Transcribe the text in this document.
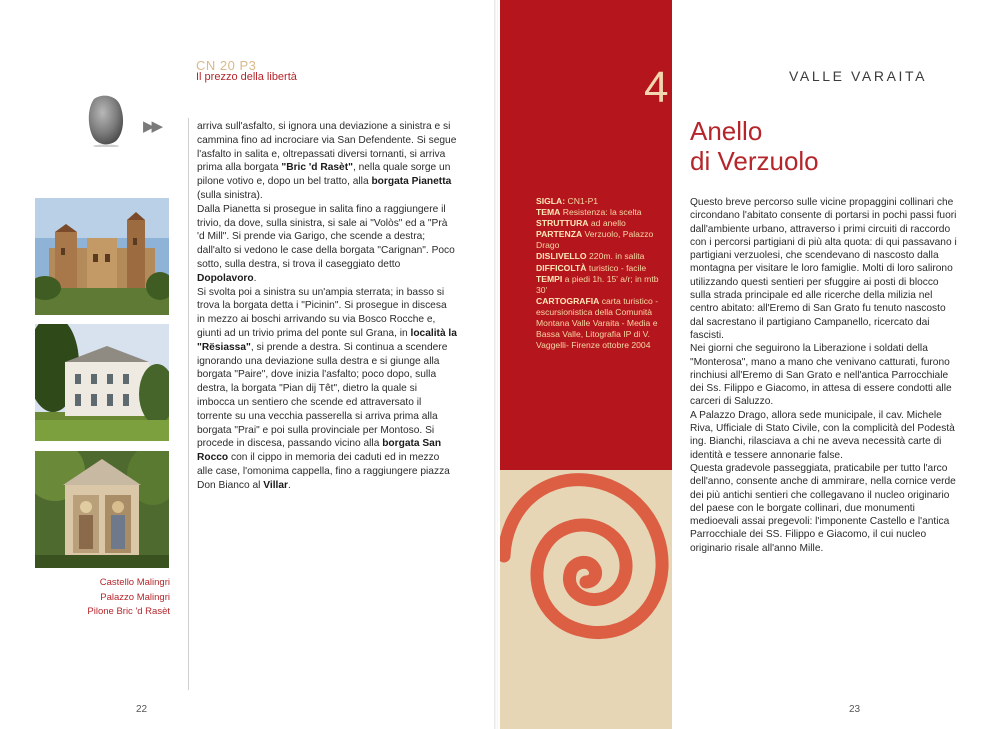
CN 20 P3
Il prezzo della libertà
▶▶
Castello Malingri
Palazzo Malingri
Pilone Bric 'd Rasèt
arriva sull'asfalto, si ignora una deviazione a sinistra e si cammina fino ad incrociare via San Defendente. Si segue l'asfalto in salita e, oltrepassati diversi tornanti, si arriva prima alla borgata "Bric 'd Rasèt", nella quale sorge un pilone votivo e, dopo un bel tratto, alla borgata Pianetta (sulla sinistra).
Dalla Pianetta si prosegue in salita fino a raggiungere il trivio, da dove, sulla sinistra, si sale ai "Volòs" ed a "Prà 'd Mill". Si prende via Garigo, che scende a destra; dall'alto si vedono le case della borgata "Carignan". Poco sotto, sulla destra, si trova il caseggiato detto Dopolavoro.
Si svolta poi a sinistra su un'ampia sterrata; in basso si trova la borgata detta i "Picinin". Si prosegue in discesa in mezzo ai boschi arrivando su via Bosco Rocche e, giunti ad un trivio prima del ponte sul Grana, in località la "Rësiassa", si prende a destra. Si continua a scendere ignorando una deviazione sulla destra e si giunge alla borgata "Paire", dove inizia l'asfalto; poco dopo, sulla destra, la borgata "Pian dij Têt", dietro la quale si imbocca un sentiero che scende ed attraversato il torrente su una vecchia passerella si arriva prima alla borgata "Prai" e poi sulla provinciale per Montoso. Si procede in discesa, passando vicino alla borgata San Rocco con il cippo in memoria dei caduti ed in mezzo alle case, l'omonima cappella, fino a raggiungere piazza Don Bianco al Villar.
22
4
SIGLA: CN1-P1
TEMA Resistenza: la scelta
STRUTTURA ad anello
PARTENZA Verzuolo, Palazzo Drago
DISLIVELLO 220m. in salita
DIFFICOLTÀ turistico - facile
TEMPI a piedi 1h. 15' a/r; in mtb 30'
CARTOGRAFIA carta turistico - escursionistica della Comunità Montana Valle Varaita - Media e Bassa Valle, Litografia IP di V. Vaggelli- Firenze ottobre 2004
VALLE VARAITA
Anello
di Verzuolo
Questo breve percorso sulle vicine propaggini collinari che circondano l'abitato consente di portarsi in pochi passi fuori dall'ambiente urbano, attraverso i primi circuiti di raccordo con i percorsi partigiani di più alta quota: di qui passavano i partigiani verzuolesi, che scendevano di nascosto dalla montagna per visitare le loro famiglie. Molti di loro salirono utilizzando questi sentieri per sfuggire ai posti di blocco sulla strada principale ed alle ricerche della milizia nel centro abitato: all'Eremo di San Grato fu tenuto nascosto dal sacrestano il partigiano Campanello, ricercato dai fascisti.
Nei giorni che seguirono la Liberazione i soldati della "Monterosa", mano a mano che venivano catturati, furono rinchiusi all'Eremo di San Grato e nell'antica Parrocchiale dei Ss. Filippo e Giacomo, in attesa di essere condotti alle carceri di Saluzzo.
A Palazzo Drago, allora sede municipale, il cav. Michele Riva, Ufficiale di Stato Civile, con la complicità del Podestà ing. Bianchi, rilasciava a chi ne aveva necessità carte di identità e tessere annonarie false.
Questa gradevole passeggiata, praticabile per tutto l'arco dell'anno, consente anche di ammirare, nella cornice verde dei più antichi sentieri che collegavano il nucleo originario del paese con le borgate collinari, due monumenti medioevali assai pregevoli: l'imponente Castello e l'antica Parrocchiale dei SS. Filippo e Giacomo, il cui nucleo originario risale all'anno Mille.
23
